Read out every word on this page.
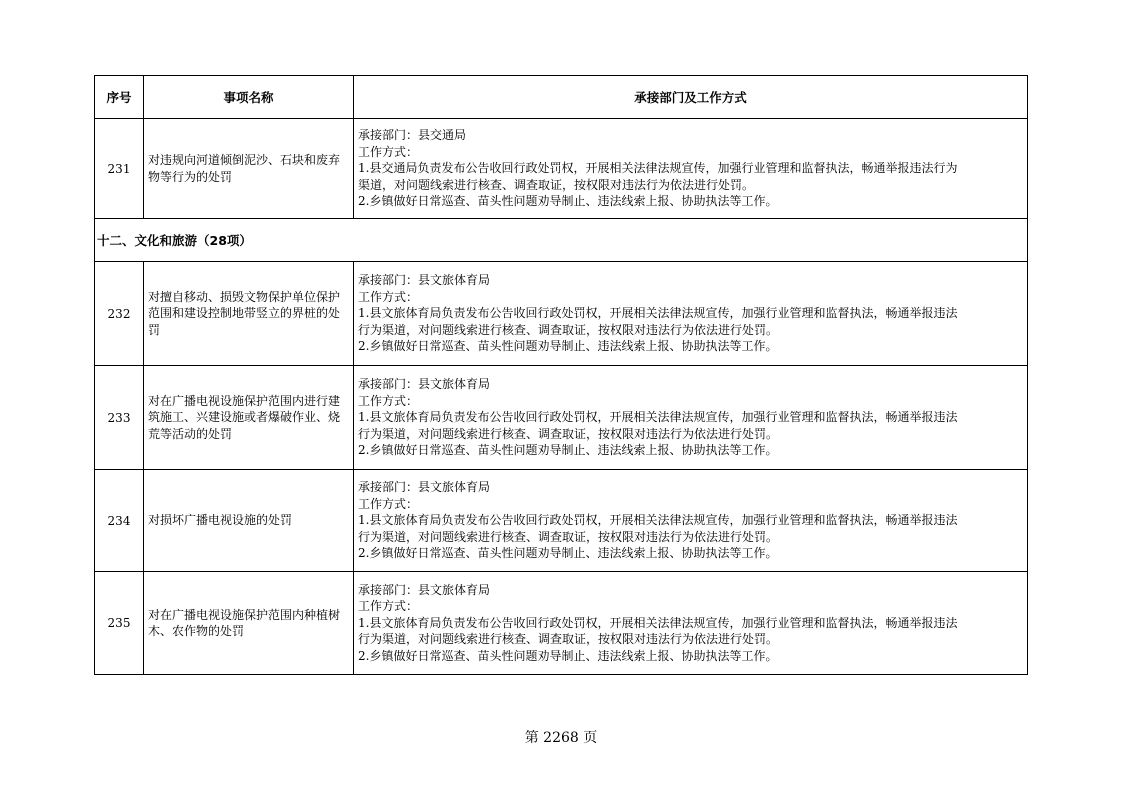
序号	事项名称	承接部门及工作方式
231	对违规向河道倾倒泥沙、石块和废弃物等行为的处罚	承接部门：县交通局
工作方式：
1.县交通局负责发布公告收回行政处罚权，开展相关法律法规宣传，加强行业管理和监督执法，畅通举报违法行为
渠道，对问题线索进行核查、调查取证，按权限对违法行为依法进行处罚。
2.乡镇做好日常巡查、苗头性问题劝导制止、违法线索上报、协助执法等工作。

十二、文化和旅游（28项）		
232	对擅自移动、损毁文物保护单位保护范围和建设控制地带竖立的界桩的处罚	承接部门：县文旅体育局
工作方式：
1.县文旅体育局负责发布公告收回行政处罚权，开展相关法律法规宣传，加强行业管理和监督执法，畅通举报违法
行为渠道，对问题线索进行核查、调查取证，按权限对违法行为依法进行处罚。
2.乡镇做好日常巡查、苗头性问题劝导制止、违法线索上报、协助执法等工作。

233	对在广播电视设施保护范围内进行建筑施工、兴建设施或者爆破作业、烧荒等活动的处罚	承接部门：县文旅体育局
工作方式：
1.县文旅体育局负责发布公告收回行政处罚权，开展相关法律法规宣传，加强行业管理和监督执法，畅通举报违法
行为渠道，对问题线索进行核查、调查取证，按权限对违法行为依法进行处罚。
2.乡镇做好日常巡查、苗头性问题劝导制止、违法线索上报、协助执法等工作。

234	对损坏广播电视设施的处罚	承接部门：县文旅体育局
工作方式：
1.县文旅体育局负责发布公告收回行政处罚权，开展相关法律法规宣传，加强行业管理和监督执法，畅通举报违法
行为渠道，对问题线索进行核查、调查取证，按权限对违法行为依法进行处罚。
2.乡镇做好日常巡查、苗头性问题劝导制止、违法线索上报、协助执法等工作。

235	对在广播电视设施保护范围内种植树木、农作物的处罚	承接部门：县文旅体育局
工作方式：
1.县文旅体育局负责发布公告收回行政处罚权，开展相关法律法规宣传，加强行业管理和监督执法，畅通举报违法
行为渠道，对问题线索进行核查、调查取证，按权限对违法行为依法进行处罚。
2.乡镇做好日常巡查、苗头性问题劝导制止、违法线索上报、协助执法等工作。
第 2268 页
